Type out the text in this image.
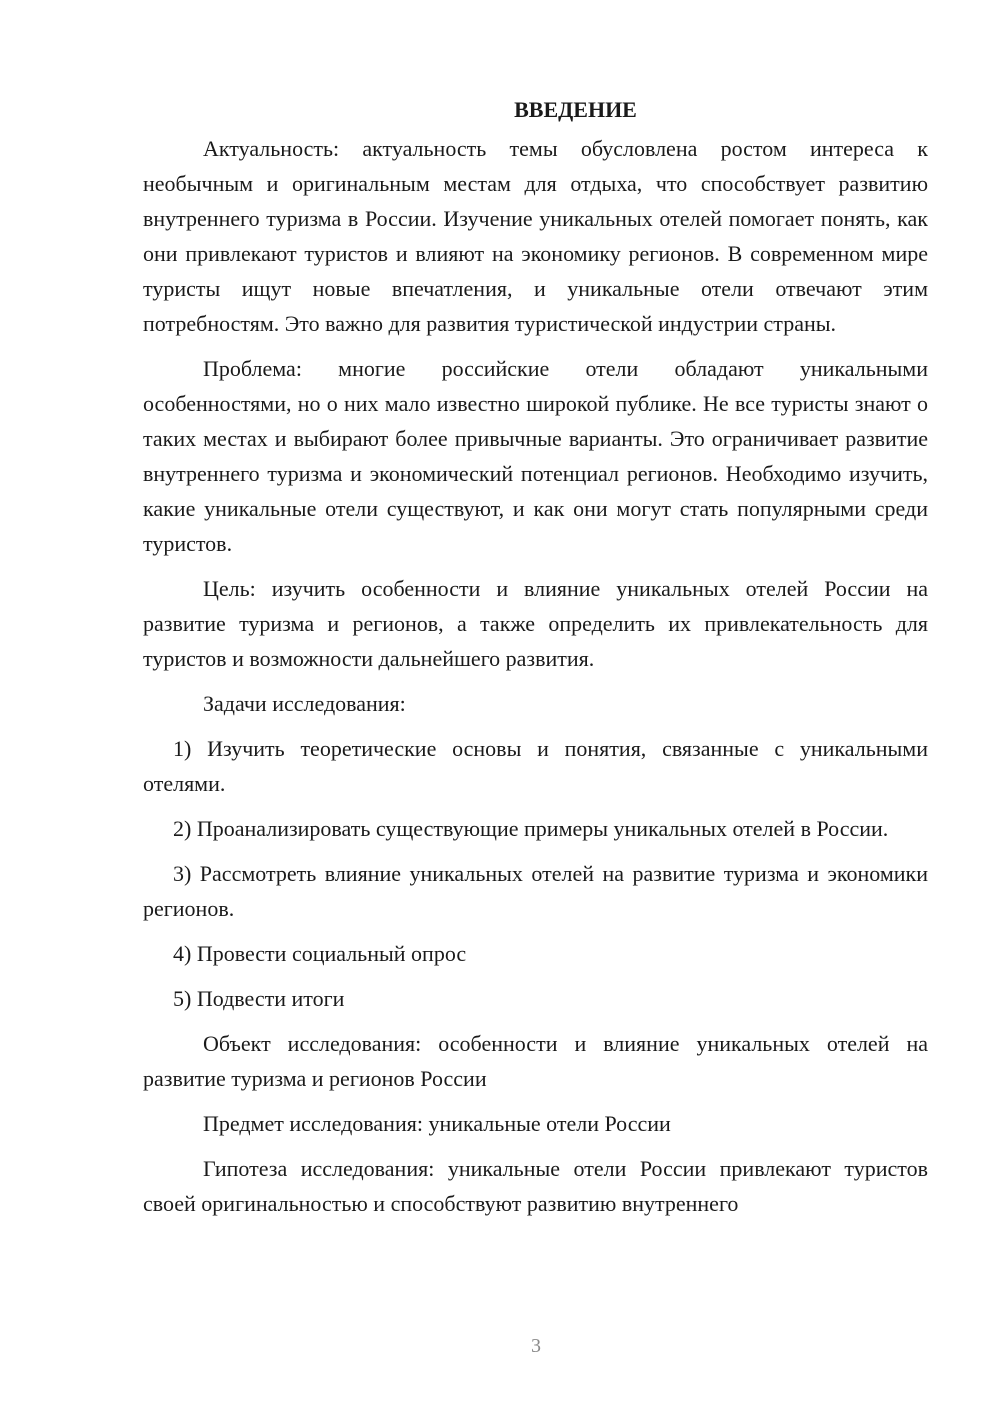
ВВЕДЕНИЕ

Актуальность: актуальность темы обусловлена ростом интереса к необычным и оригинальным местам для отдыха, что способствует развитию внутреннего туризма в России. Изучение уникальных отелей помогает понять, как они привлекают туристов и влияют на экономику регионов. В современном мире туристы ищут новые впечатления, и уникальные отели отвечают этим потребностям. Это важно для развития туристической индустрии страны.

Проблема: многие российские отели обладают уникальными особенностями, но о них мало известно широкой публике. Не все туристы знают о таких местах и выбирают более привычные варианты. Это ограничивает развитие внутреннего туризма и экономический потенциал регионов. Необходимо изучить, какие уникальные отели существуют, и как они могут стать популярными среди туристов.

Цель: изучить особенности и влияние уникальных отелей России на развитие туризма и регионов, а также определить их привлекательность для туристов и возможности дальнейшего развития.

Задачи исследования:

1) Изучить теоретические основы и понятия, связанные с уникальными отелями.

2) Проанализировать существующие примеры уникальных отелей в России.

3) Рассмотреть влияние уникальных отелей на развитие туризма и экономики регионов.

4) Провести социальный опрос

5) Подвести итоги

Объект исследования: особенности и влияние уникальных отелей на развитие туризма и регионов России

Предмет исследования: уникальные отели России

Гипотеза исследования: уникальные отели России привлекают туристов своей оригинальностью и способствуют развитию внутреннего

3
